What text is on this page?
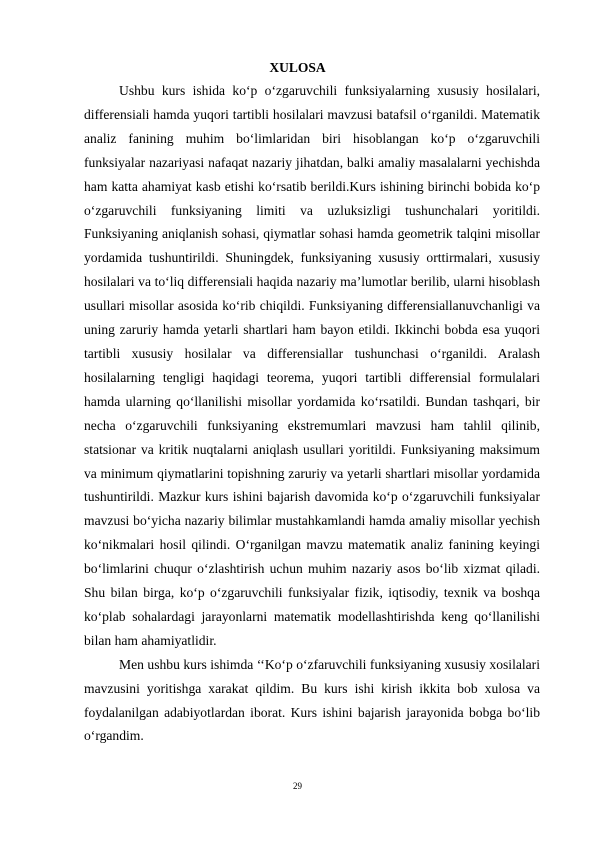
XULOSA

Ushbu kurs ishida ko‘p o‘zgaruvchili funksiyalarning xususiy hosilalari, differensiali hamda yuqori tartibli hosilalari mavzusi batafsil o‘rganildi. Matematik analiz fanining muhim bo‘limlaridan biri hisoblangan ko‘p o‘zgaruvchili funksiyalar nazariyasi nafaqat nazariy jihatdan, balki amaliy masalalarni yechishda ham katta ahamiyat kasb etishi ko‘rsatib berildi.Kurs ishining birinchi bobida ko‘p o‘zgaruvchili funksiyaning limiti va uzluksizligi tushunchalari yoritildi. Funksiyaning aniqlanish sohasi, qiymatlar sohasi hamda geometrik talqini misollar yordamida tushuntirildi. Shuningdek, funksiyaning xususiy orttirmalari, xususiy hosilalari va to‘liq differensiali haqida nazariy ma’lumotlar berilib, ularni hisoblash usullari misollar asosida ko‘rib chiqildi. Funksiyaning differensiallanuvchanligi va uning zaruriy hamda yetarli shartlari ham bayon etildi. Ikkinchi bobda esa yuqori tartibli xususiy hosilalar va differensiallar tushunchasi o‘rganildi. Aralash hosilalarning tengligi haqidagi teorema, yuqori tartibli differensial formulalari hamda ularning qo‘llanilishi misollar yordamida ko‘rsatildi. Bundan tashqari, bir necha o‘zgaruvchili funksiyaning ekstremumlari mavzusi ham tahlil qilinib, statsionar va kritik nuqtalarni aniqlash usullari yoritildi. Funksiyaning maksimum va minimum qiymatlarini topishning zaruriy va yetarli shartlari misollar yordamida tushuntirildi. Mazkur kurs ishini bajarish davomida ko‘p o‘zgaruvchili funksiyalar mavzusi bo‘yicha nazariy bilimlar mustahkamlandi hamda amaliy misollar yechish ko‘nikmalari hosil qilindi. O‘rganilgan mavzu matematik analiz fanining keyingi bo‘limlarini chuqur o‘zlashtirish uchun muhim nazariy asos bo‘lib xizmat qiladi. Shu bilan birga, ko‘p o‘zgaruvchili funksiyalar fizik, iqtisodiy, texnik va boshqa ko‘plab sohalardagi jarayonlarni matematik modellashtirishda keng qo‘llanilishi bilan ham ahamiyatlidir.

Men ushbu kurs ishimda ‘‘Ko‘p o‘zfaruvchili funksiyaning xususiy xosilalari mavzusini yoritishga xarakat qildim. Bu kurs ishi kirish ikkita bob xulosa va foydalanilgan adabiyotlardan iborat. Kurs ishini bajarish jarayonida bobga bo‘lib o‘rgandim.

29
